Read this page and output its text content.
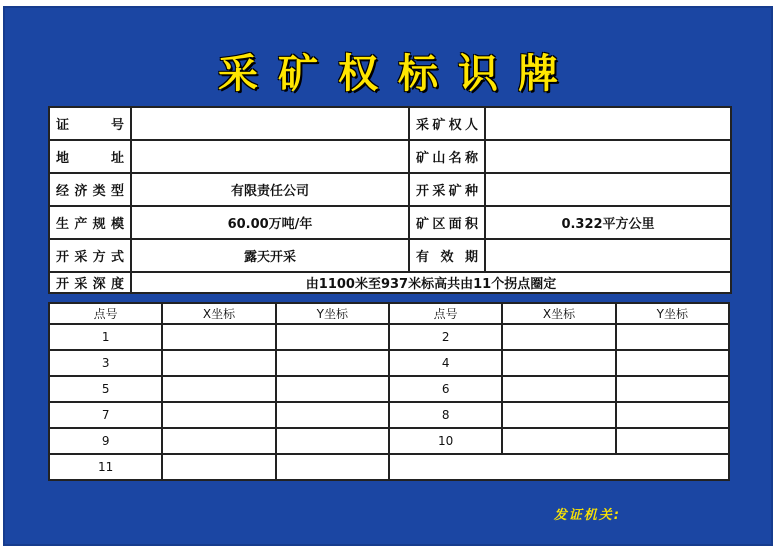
采矿权标识牌
证 号		采矿权人	
地 址		矿山名称	
经济类型	有限责任公司	开采矿种	
生产规模	60.00万吨/年	矿区面积	0.322平方公里
开采方式	露天开采	有 效 期	
开采深度	由1100米至937米标高共由11个拐点圈定		
点号	X坐标	Y坐标	点号	X坐标	Y坐标
1			2		
3			4		
5			6		
7			8		
9			10		
11					
发证机关:
